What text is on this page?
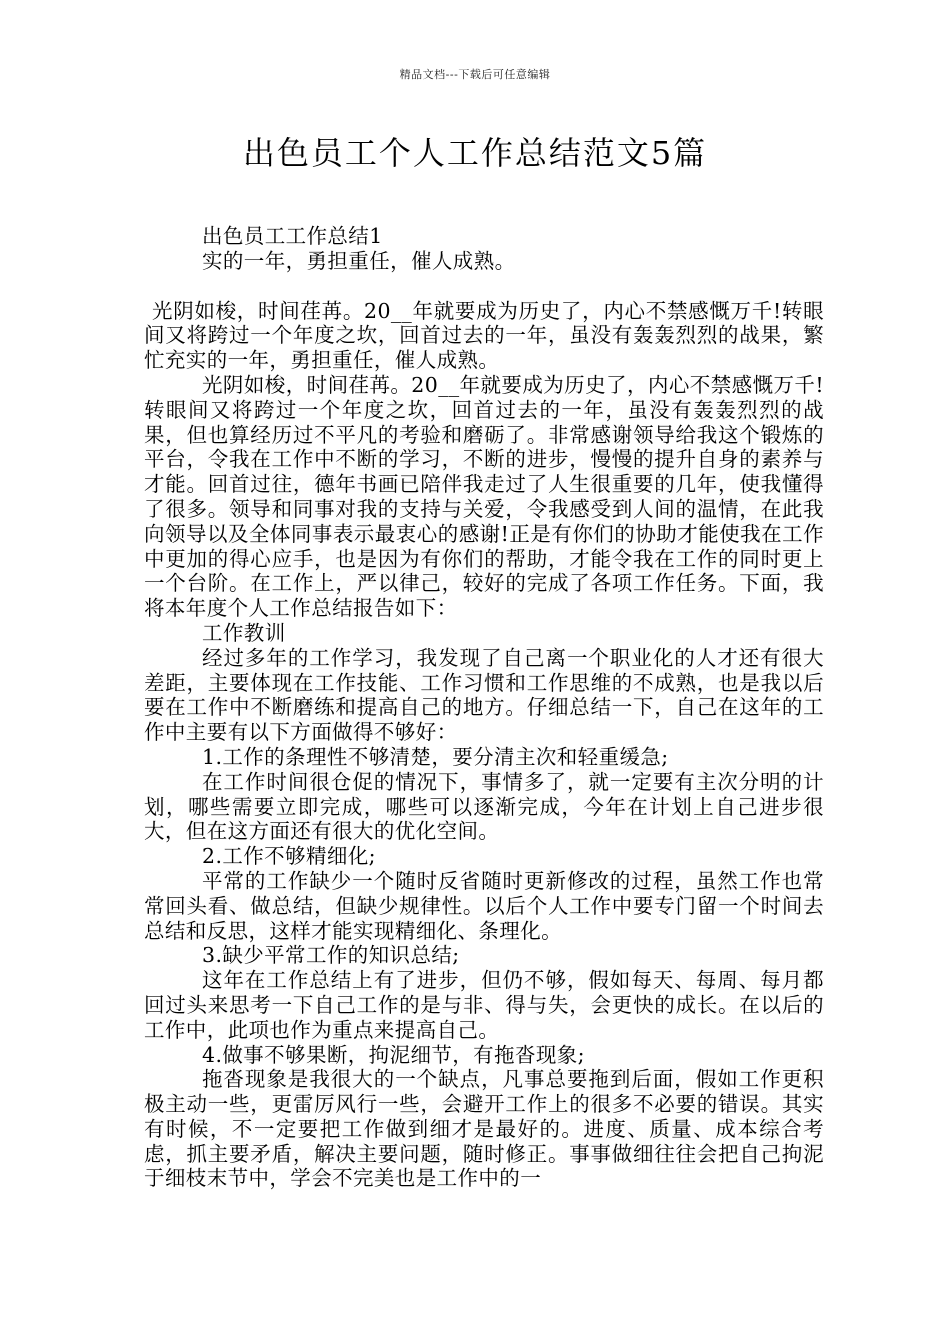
精品文档---下载后可任意编辑
出色员工个人工作总结范文5篇

出色员工工作总结1

实的一年，勇担重任，催人成熟。

光阴如梭，时间荏苒。20__年就要成为历史了，内心不禁感慨万千!转眼间又将跨过一个年度之坎，回首过去的一年，虽没有轰轰烈烈的战果，繁忙充实的一年，勇担重任，催人成熟。

光阴如梭，时间荏苒。20__年就要成为历史了，内心不禁感慨万千!转眼间又将跨过一个年度之坎，回首过去的一年，虽没有轰轰烈烈的战果，但也算经历过不平凡的考验和磨砺了。非常感谢领导给我这个锻炼的平台，令我在工作中不断的学习，不断的进步，慢慢的提升自身的素养与才能。回首过往，德年书画已陪伴我走过了人生很重要的几年，使我懂得了很多。领导和同事对我的支持与关爱，令我感受到人间的温情，在此我向领导以及全体同事表示最衷心的感谢!正是有你们的协助才能使我在工作中更加的得心应手，也是因为有你们的帮助，才能令我在工作的同时更上一个台阶。在工作上，严以律己，较好的完成了各项工作任务。下面，我将本年度个人工作总结报告如下：

工作教训

经过多年的工作学习，我发现了自己离一个职业化的人才还有很大差距，主要体现在工作技能、工作习惯和工作思维的不成熟，也是我以后要在工作中不断磨练和提高自己的地方。仔细总结一下，自己在这年的工作中主要有以下方面做得不够好：

1.工作的条理性不够清楚，要分清主次和轻重缓急;

在工作时间很仓促的情况下，事情多了，就一定要有主次分明的计划，哪些需要立即完成，哪些可以逐渐完成，今年在计划上自己进步很大，但在这方面还有很大的优化空间。

2.工作不够精细化;

平常的工作缺少一个随时反省随时更新修改的过程，虽然工作也常常回头看、做总结，但缺少规律性。以后个人工作中要专门留一个时间去总结和反思，这样才能实现精细化、条理化。

3.缺少平常工作的知识总结;

这年在工作总结上有了进步，但仍不够，假如每天、每周、每月都回过头来思考一下自己工作的是与非、得与失，会更快的成长。在以后的工作中，此项也作为重点来提高自己。

4.做事不够果断，拘泥细节，有拖沓现象;

拖沓现象是我很大的一个缺点，凡事总要拖到后面，假如工作更积极主动一些，更雷厉风行一些，会避开工作上的很多不必要的错误。其实有时候，不一定要把工作做到细才是最好的。进度、质量、成本综合考虑，抓主要矛盾，解决主要问题，随时修正。事事做细往往会把自己拘泥于细枝末节中，学会不完美也是工作中的一
